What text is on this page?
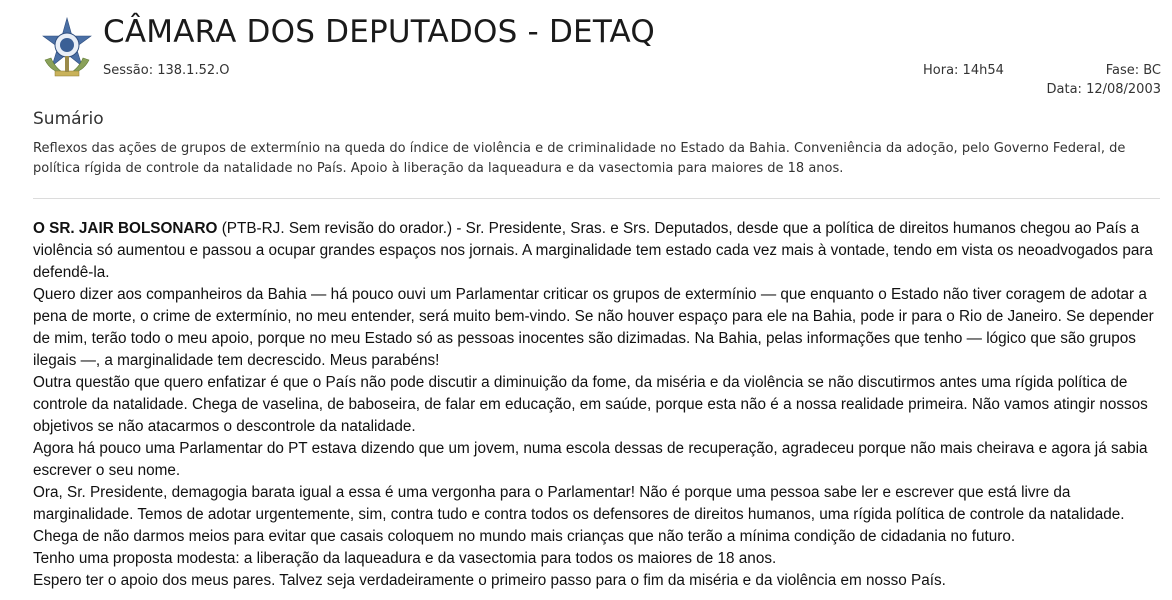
CÂMARA DOS DEPUTADOS - DETAQ
Sessão: 138.1.52.O	Hora: 14h54	Fase: BC
Data: 12/08/2003
Sumário
Reflexos das ações de grupos de extermínio na queda do índice de violência e de criminalidade no Estado da Bahia. Conveniência da adoção, pelo Governo Federal, de política rígida de controle da natalidade no País. Apoio à liberação da laqueadura e da vasectomia para maiores de 18 anos.

O SR. JAIR BOLSONARO (PTB-RJ. Sem revisão do orador.) - Sr. Presidente, Sras. e Srs. Deputados, desde que a política de direitos humanos chegou ao País a violência só aumentou e passou a ocupar grandes espaços nos jornais. A marginalidade tem estado cada vez mais à vontade, tendo em vista os neoadvogados para defendê-la.

Quero dizer aos companheiros da Bahia — há pouco ouvi um Parlamentar criticar os grupos de extermínio — que enquanto o Estado não tiver coragem de adotar a pena de morte, o crime de extermínio, no meu entender, será muito bem-vindo. Se não houver espaço para ele na Bahia, pode ir para o Rio de Janeiro. Se depender de mim, terão todo o meu apoio, porque no meu Estado só as pessoas inocentes são dizimadas. Na Bahia, pelas informações que tenho — lógico que são grupos ilegais —, a marginalidade tem decrescido. Meus parabéns!

Outra questão que quero enfatizar é que o País não pode discutir a diminuição da fome, da miséria e da violência se não discutirmos antes uma rígida política de controle da natalidade. Chega de vaselina, de baboseira, de falar em educação, em saúde, porque esta não é a nossa realidade primeira. Não vamos atingir nossos objetivos se não atacarmos o descontrole da natalidade.

Agora há pouco uma Parlamentar do PT estava dizendo que um jovem, numa escola dessas de recuperação, agradeceu porque não mais cheirava e agora já sabia escrever o seu nome.

Ora, Sr. Presidente, demagogia barata igual a essa é uma vergonha para o Parlamentar! Não é porque uma pessoa sabe ler e escrever que está livre da marginalidade. Temos de adotar urgentemente, sim, contra tudo e contra todos os defensores de direitos humanos, uma rígida política de controle da natalidade. Chega de não darmos meios para evitar que casais coloquem no mundo mais crianças que não terão a mínima condição de cidadania no futuro.

Tenho uma proposta modesta: a liberação da laqueadura e da vasectomia para todos os maiores de 18 anos.

Espero ter o apoio dos meus pares. Talvez seja verdadeiramente o primeiro passo para o fim da miséria e da violência em nosso País.
